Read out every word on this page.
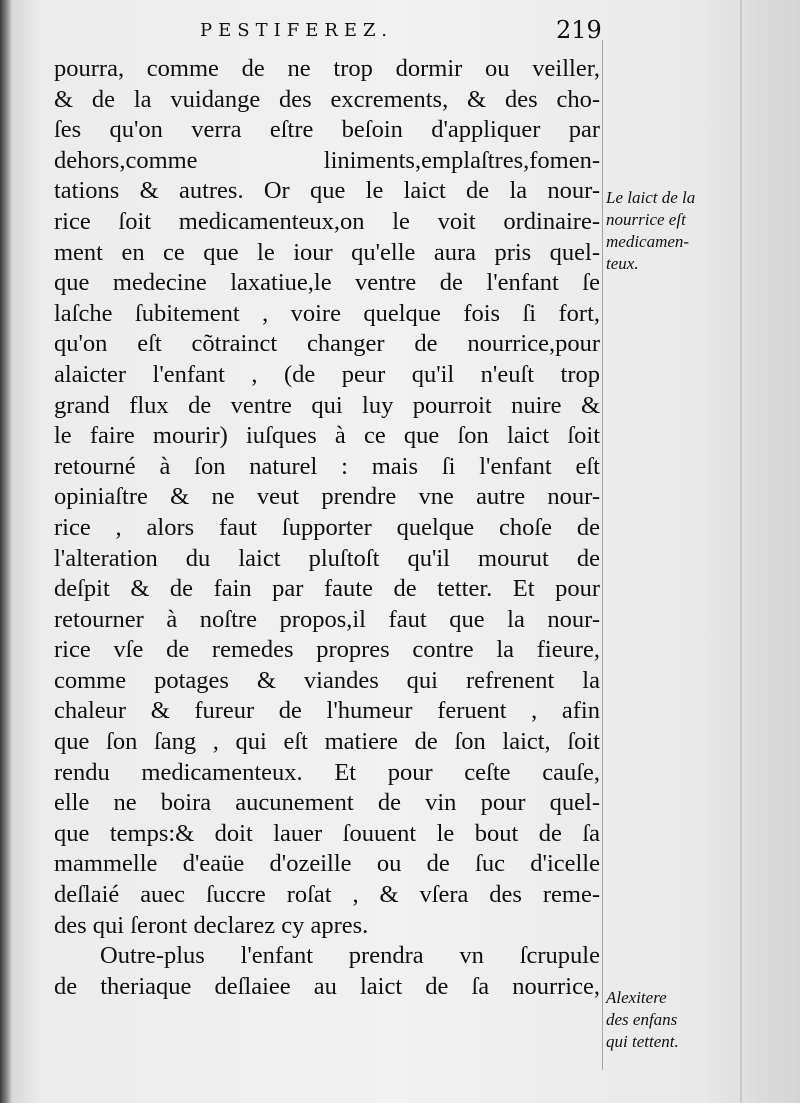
PESTIFEREZ.	219
pourra, comme de ne trop dormir ou veiller,
& de la vuidange des excrements, & des cho-
ſes qu'on verra eſtre beſoin d'appliquer par
dehors,comme liniments,emplaſtres,fomen-
tations & autres. Or que le laict de la nour-
rice ſoit medicamenteux,on le voit ordinaire-
ment en ce que le iour qu'elle aura pris quel-
que medecine laxatiue,le ventre de l'enfant ſe
laſche ſubitement , voire quelque fois ſi fort,
qu'on eſt cõtrainct changer de nourrice,pour
alaicter l'enfant , (de peur qu'il n'euſt trop
grand flux de ventre qui luy pourroit nuire &
le faire mourir) iuſques à ce que ſon laict ſoit
retourné à ſon naturel : mais ſi l'enfant eſt
opiniaſtre & ne veut prendre vne autre nour-
rice , alors faut ſupporter quelque choſe de
l'alteration du laict pluſtoſt qu'il mourut de
deſpit & de fain par faute de tetter. Et pour
retourner à noſtre propos,il faut que la nour-
rice vſe de remedes propres contre la fieure,
comme potages & viandes qui refrenent la
chaleur & fureur de l'humeur feruent , afin
que ſon ſang , qui eſt matiere de ſon laict, ſoit
rendu medicamenteux. Et pour ceſte cauſe,
elle ne boira aucunement de vin pour quel-
que temps:& doit lauer ſouuent le bout de ſa
mammelle d'eaüe d'ozeille ou de ſuc d'icelle
deſlaié auec ſuccre roſat , & vſera des reme-
des qui ſeront declarez cy apres.
Outre-plus l'enfant prendra vn ſcrupule
de theriaque deſlaiee au laict de ſa nourrice,
Le laict de la
nourrice eſt
medicamen-
teux.
Alexitere
des enfans
qui tettent.
